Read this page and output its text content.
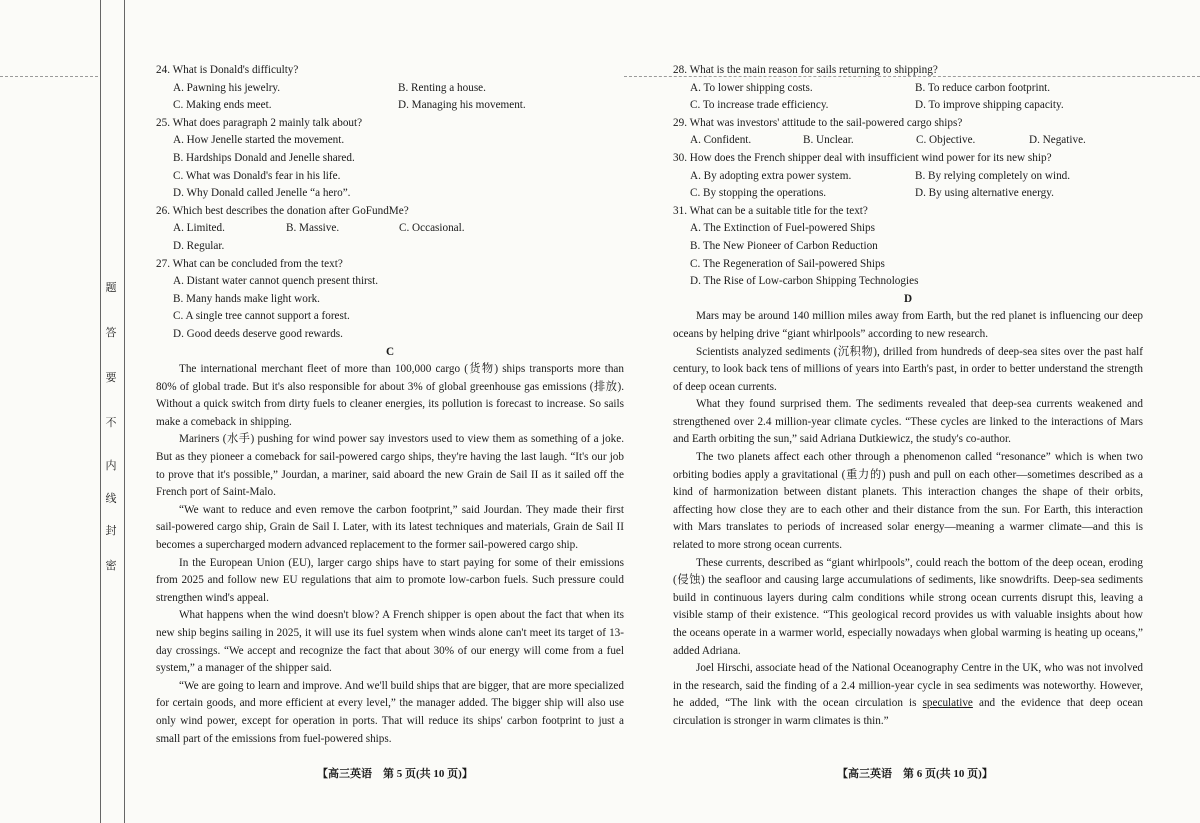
题
答
要
不
内
线
封
密

24. What is Donald's difficulty?

A. Pawning his jewelry.	B. Renting a house.
C. Making ends meet.	D. Managing his movement.

25. What does paragraph 2 mainly talk about?

A. How Jenelle started the movement.
B. Hardships Donald and Jenelle shared.
C. What was Donald's fear in his life.
D. Why Donald called Jenelle “a hero”.

26. Which best describes the donation after GoFundMe?

A. Limited.	B. Massive.	C. Occasional.
D. Regular.

27. What can be concluded from the text?

A. Distant water cannot quench present thirst.
B. Many hands make light work.
C. A single tree cannot support a forest.
D. Good deeds deserve good rewards.

C

The international merchant fleet of more than 100,000 cargo (货物) ships transports more than 80% of global trade. But it's also responsible for about 3% of global greenhouse gas emissions (排放). Without a quick switch from dirty fuels to cleaner energies, its pollution is forecast to increase. So sails make a comeback in shipping.

Mariners (水手) pushing for wind power say investors used to view them as something of a joke. But as they pioneer a comeback for sail-powered cargo ships, they're having the last laugh. “It's our job to prove that it's possible,” Jourdan, a mariner, said aboard the new Grain de Sail II as it sailed off the French port of Saint-Malo.

“We want to reduce and even remove the carbon footprint,” said Jourdan. They made their first sail-powered cargo ship, Grain de Sail I. Later, with its latest techniques and materials, Grain de Sail II becomes a supercharged modern advanced replacement to the former sail-powered cargo ship.

In the European Union (EU), larger cargo ships have to start paying for some of their emissions from 2025 and follow new EU regulations that aim to promote low-carbon fuels. Such pressure could strengthen wind's appeal.

What happens when the wind doesn't blow? A French shipper is open about the fact that when its new ship begins sailing in 2025, it will use its fuel system when winds alone can't meet its target of 13-day crossings. “We accept and recognize the fact that about 30% of our energy will come from a fuel system,” a manager of the shipper said.

“We are going to learn and improve. And we'll build ships that are bigger, that are more specialized for certain goods, and more efficient at every level,” the manager added. The bigger ship will also use only wind power, except for operation in ports. That will reduce its ships' carbon footprint to just a small part of the emissions from fuel-powered ships.

【高三英语　第 5 页(共 10 页)】

28. What is the main reason for sails returning to shipping?

A. To lower shipping costs.	B. To reduce carbon footprint.
C. To increase trade efficiency.	D. To improve shipping capacity.

29. What was investors' attitude to the sail-powered cargo ships?

A. Confident.	B. Unclear.	C. Objective.	D. Negative.

30. How does the French shipper deal with insufficient wind power for its new ship?

A. By adopting extra power system.	B. By relying completely on wind.
C. By stopping the operations.	D. By using alternative energy.

31. What can be a suitable title for the text?

A. The Extinction of Fuel-powered Ships
B. The New Pioneer of Carbon Reduction
C. The Regeneration of Sail-powered Ships
D. The Rise of Low-carbon Shipping Technologies

D

Mars may be around 140 million miles away from Earth, but the red planet is influencing our deep oceans by helping drive “giant whirlpools” according to new research.

Scientists analyzed sediments (沉积物), drilled from hundreds of deep-sea sites over the past half century, to look back tens of millions of years into Earth's past, in order to better understand the strength of deep ocean currents.

What they found surprised them. The sediments revealed that deep-sea currents weakened and strengthened over 2.4 million-year climate cycles. “These cycles are linked to the interactions of Mars and Earth orbiting the sun,” said Adriana Dutkiewicz, the study's co-author.

The two planets affect each other through a phenomenon called “resonance” which is when two orbiting bodies apply a gravitational (重力的) push and pull on each other—sometimes described as a kind of harmonization between distant planets. This interaction changes the shape of their orbits, affecting how close they are to each other and their distance from the sun. For Earth, this interaction with Mars translates to periods of increased solar energy—meaning a warmer climate—and this is related to more strong ocean currents.

These currents, described as “giant whirlpools”, could reach the bottom of the deep ocean, eroding (侵蚀) the seafloor and causing large accumulations of sediments, like snowdrifts. Deep-sea sediments build in continuous layers during calm conditions while strong ocean currents disrupt this, leaving a visible stamp of their existence. “This geological record provides us with valuable insights about how the oceans operate in a warmer world, especially nowadays when global warming is heating up oceans,” added Adriana.

Joel Hirschi, associate head of the National Oceanography Centre in the UK, who was not involved in the research, said the finding of a 2.4 million-year cycle in sea sediments was noteworthy. However, he added, “The link with the ocean circulation is speculative and the evidence that deep ocean circulation is stronger in warm climates is thin.”

【高三英语　第 6 页(共 10 页)】
